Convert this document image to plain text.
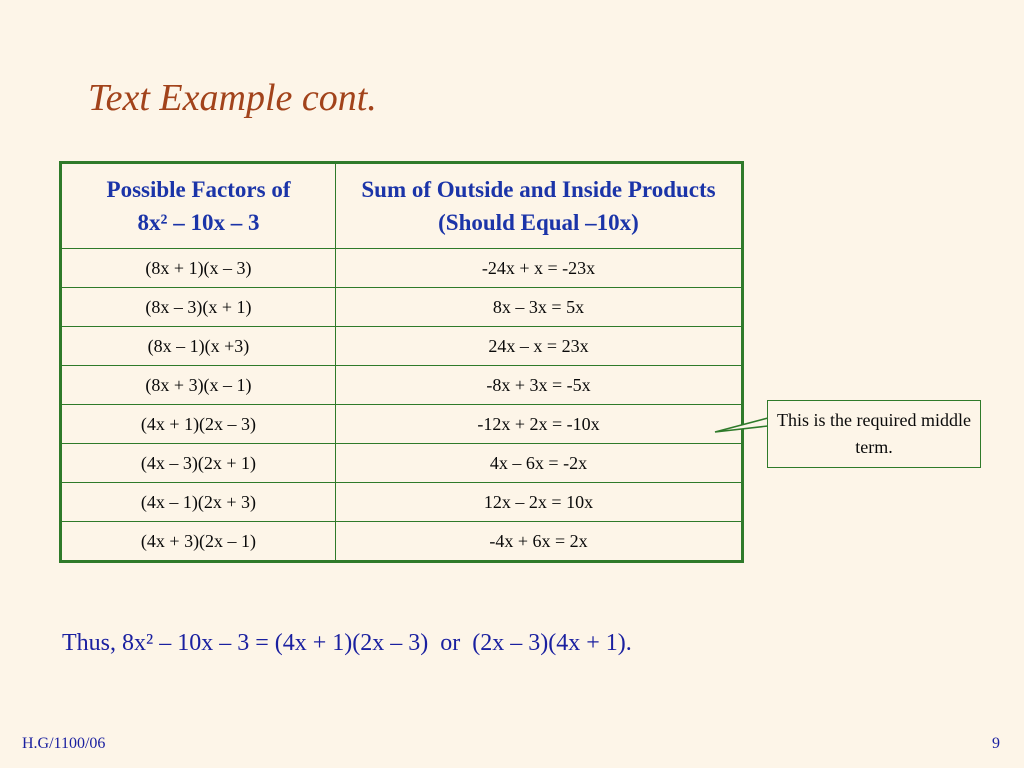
Text Example cont.
Possible Factors of
8x² – 10x – 3	Sum of Outside and Inside Products (Should Equal –10x)
(8x + 1)(x – 3)	-24x + x = -23x
(8x – 3)(x + 1)	8x – 3x = 5x
(8x – 1)(x +3)	24x – x = 23x
(8x + 3)(x – 1)	-8x + 3x = -5x
(4x + 1)(2x – 3)	-12x + 2x = -10x
(4x – 3)(2x + 1)	4x – 6x = -2x
(4x – 1)(2x + 3)	12x – 2x = 10x
(4x + 3)(2x – 1)	-4x + 6x = 2x
This is the required middle term.
Thus, 8x² – 10x – 3 = (4x + 1)(2x – 3)  or  (2x – 3)(4x + 1).
H.G/1100/06	9
